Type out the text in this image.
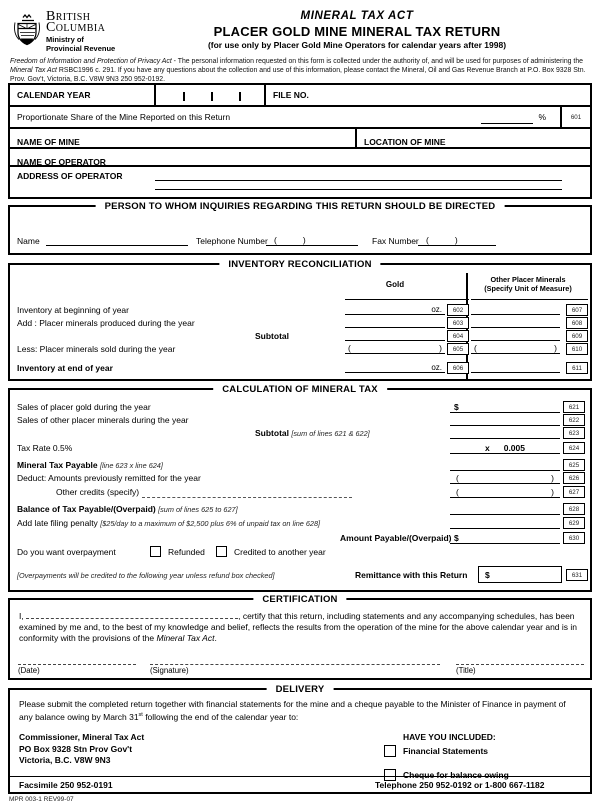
British
Columbia
Ministry of
Provincial Revenue
MINERAL TAX ACT
PLACER GOLD MINE MINERAL TAX RETURN
(for use only by Placer Gold Mine Operators for calendar years after 1998)
Freedom of Information and Protection of Privacy Act - The personal information requested on this form is collected under the authority of, and will be used for purposes of administering the Mineral Tax Act RSBC1996 c. 291. If you have any questions about the collection and use of this information, please contact the Mineral, Oil and Gas Revenue Branch at P.O. Box 9328 Stn. Prov. Gov't, Victoria, B.C. V8W 9N3 250 952-0192.
CALENDAR YEAR	FILE NO.
Proportionate Share of the Mine Reported on this Return	%	601
NAME OF MINE	LOCATION OF MINE
NAME OF OPERATOR
ADDRESS OF OPERATOR
PERSON TO WHOM INQUIRIES REGARDING THIS RETURN SHOULD BE DIRECTED
Name	Telephone Number (	)	Fax Number (	)
INVENTORY RECONCILIATION
Gold
Other Placer Minerals
(Specify Unit of Measure)
Inventory at beginning of year	oz.	602	607
Add : Placer minerals produced during the year	603	608
Subtotal	604	609
Less: Placer minerals sold during the year	(	)	605	(	)	610
Inventory at end of year	oz.	606	611
CALCULATION OF MINERAL TAX
Sales of placer gold during the year	$	621
Sales of other placer minerals during the year	622
Subtotal [sum of lines 621 & 622]	623
Tax Rate 0.5%	x 0.005	624
Mineral Tax Payable [line 623 x line 624]	625
Deduct: Amounts previously remitted for the year	(	)	626
Other credits (specify)	(	)	627
Balance of Tax Payable/(Overpaid) [sum of lines 625 to 627]	628
Add late filing penalty [$25/day to a maximum of $2,500 plus 6% of unpaid tax on line 628]	629
Amount Payable/(Overpaid) $	630
Do you want overpayment	Refunded	Credited to another year
[Overpayments will be credited to the following year unless refund box checked]	Remittance with this Return $	631
CERTIFICATION
I,	, certify that this return, including statements and any accompanying schedules, has been examined by me and, to the best of my knowledge and belief, reflects the results from the operation of the mine for the above calendar year and is in conformity with the provisions of the Mineral Tax Act.
(Date)	(Signature)	(Title)
DELIVERY
Please submit the completed return together with financial statements for the mine and a cheque payable to the Minister of Finance in payment of any balance owing by March 31st following the end of the calendar year to:
Commissioner, Mineral Tax Act
PO Box 9328 Stn Prov Gov't
Victoria, B.C. V8W 9N3
HAVE YOU INCLUDED:
Financial Statements
Cheque for balance owing
Facsimile 250 952-0191	Telephone 250 952-0192 or 1-800 667-1182
MPR 003-1 REV99-07
